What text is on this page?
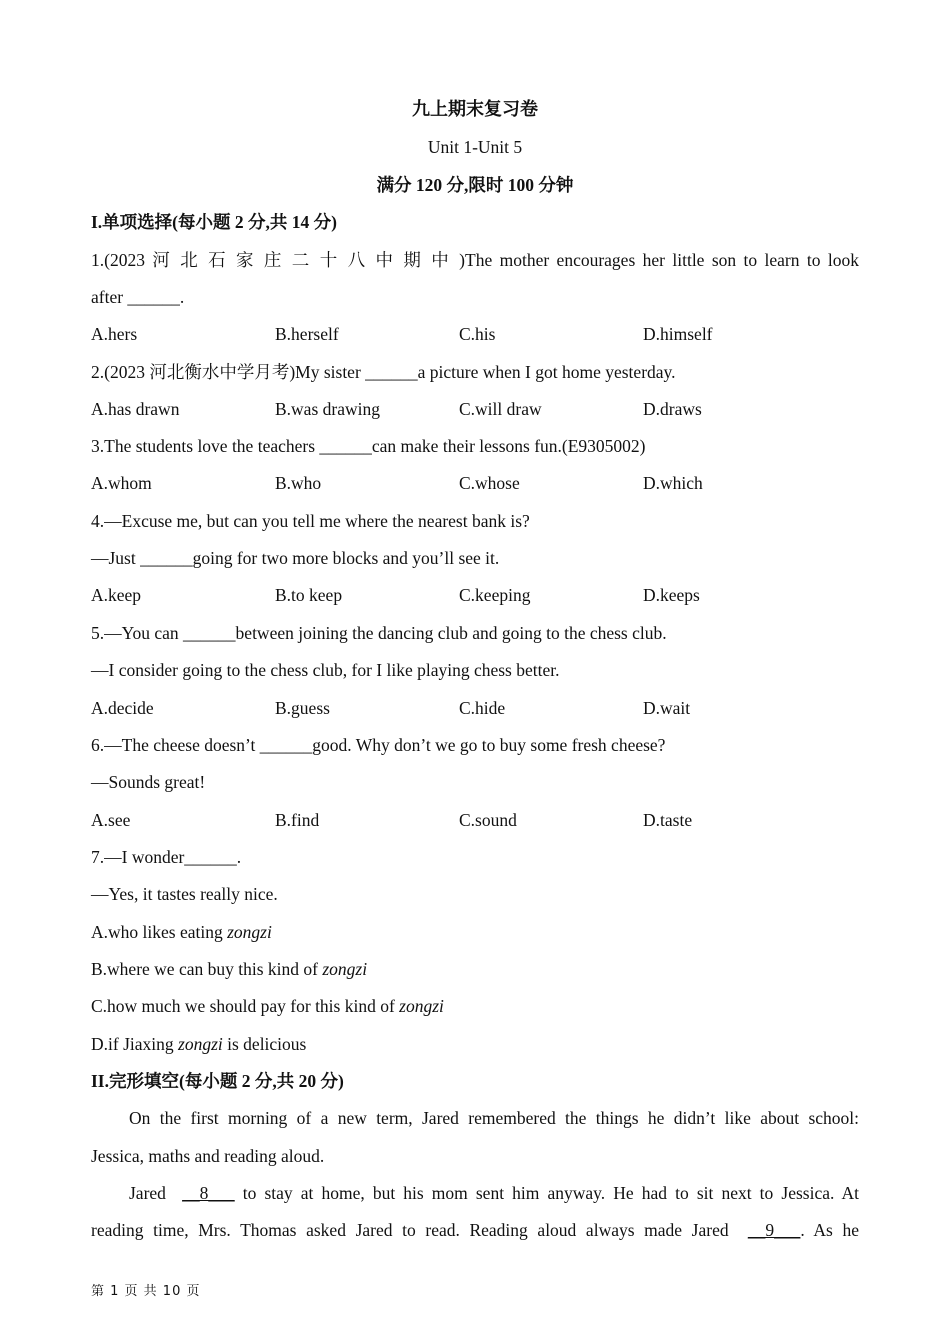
九上期末复习卷
Unit 1-Unit 5
满分 120 分,限时 100 分钟
I.单项选择(每小题 2 分,共 14 分)
1.(2023 河 北 石 家 庄 二 十 八 中 期 中 )The mother encourages her little son to learn to look
after ______.
A.hers	B.herself	C.his	D.himself
2.(2023 河北衡水中学月考)My sister ______a picture when I got home yesterday.
A.has drawn	B.was drawing	C.will draw	D.draws
3.The students love the teachers ______can make their lessons fun.(E9305002)
A.whom	B.who	C.whose	D.which
4.—Excuse me, but can you tell me where the nearest bank is?
—Just ______going for two more blocks and you’ll see it.
A.keep	B.to keep	C.keeping	D.keeps
5.—You can ______between joining the dancing club and going to the chess club.
—I consider going to the chess club, for I like playing chess better.
A.decide	B.guess	C.hide	D.wait
6.—The cheese doesn’t ______good. Why don’t we go to buy some fresh cheese?
—Sounds great!
A.see	B.find	C.sound	D.taste
7.—I wonder______.
—Yes, it tastes really nice.
A.who likes eating zongzi
B.where we can buy this kind of zongzi
C.how much we should pay for this kind of zongzi
D.if Jiaxing zongzi is delicious
II.完形填空(每小题 2 分,共 20 分)
On the first morning of a new term, Jared remembered the things he didn’t like about school:
Jessica, maths and reading aloud.
Jared  __8___ to stay at home, but his mom sent him anyway. He had to sit next to Jessica. At
reading time, Mrs. Thomas asked Jared to read. Reading aloud always made Jared  __9___. As he
第 1 页 共 10 页
